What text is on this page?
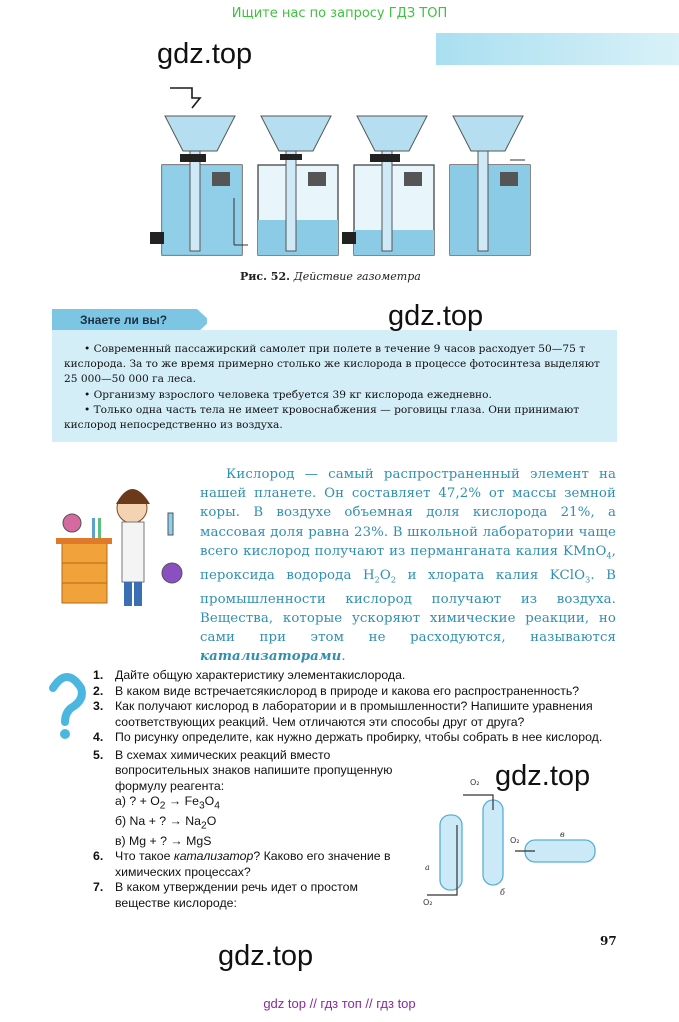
Ищите нас по запросу ГДЗ ТОП
gdz.top
Рис. 52. Действие газометра
Знаете ли вы?	gdz.top

• Современный пассажирский самолет при полете в течение 9 часов расходует 50—75 т кислорода. За то же время примерно столько же кислорода в процессе фотосинтеза выделяют 25 000—50 000 га леса.

• Организму взрослого человека требуется 39 кг кислорода ежедневно.

• Только одна часть тела не имеет кровоснабжения — роговицы глаза. Они принимают кислород непосредственно из воздуха.

Кислород — самый распространенный элемент на нашей планете. Он составляет 47,2% от массы земной коры. В воздухе объемная доля кислорода 21%, а массовая доля равна 23%. В школьной лаборатории чаще всего кислород получают из перманганата калия KMnO$_4$, пероксида водорода $H_2O_2$ и хлората калия KClO$_3$. В промышленности кислород получают из воздуха. Вещества, которые ускоряют химические реакции, но сами при этом не расходуются, называются катализаторами.
1. Дайте общую характеристику элементакислорода.
2. В каком виде встречаетсякислород в природе и какова его распространенность?
3. Как получают кислород в лаборатории и в промышленности? Напишите уравнения соответствующих реакций. Чем отличаются эти способы друг от друга?
4. По рисунку определите, как нужно держать пробирку, чтобы собрать в нее кислород.
5. В схемах химических реакций вместо вопросительных знаков напишите пропущенную формулу реагента:
а) ? + $O_2 \to Fe_3O_4$
б) Na + ? → $Na_2O$
в) Mg + ? → MgS
6. Что такое катализатор? Каково его значение в химических процессах?
7. В каком утверждении речь идет о простом веществе кислороде:
gdz.top
O₂
O₂
O₂
а
б
в
97
gdz.top
gdz top // гдз топ // гдз top
